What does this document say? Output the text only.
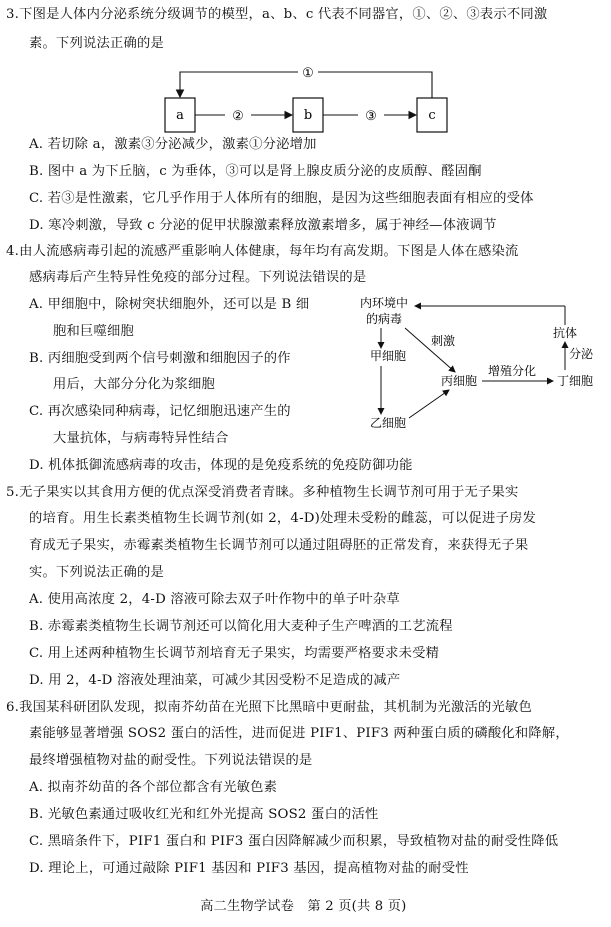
3.下图是人体内分泌系统分级调节的模型，a、b、c 代表不同器官，①、②、③表示不同激
素。下列说法正确的是
a	b	c
②	③
①
A. 若切除 a，激素③分泌减少，激素①分泌增加
B. 图中 a 为下丘脑，c 为垂体，③可以是肾上腺皮质分泌的皮质醇、醛固酮
C. 若③是性激素，它几乎作用于人体所有的细胞，是因为这些细胞表面有相应的受体
D. 寒冷刺激，导致 c 分泌的促甲状腺激素释放激素增多，属于神经—体液调节
4.由人流感病毒引起的流感严重影响人体健康，每年均有高发期。下图是人体在感染流
感病毒后产生特异性免疫的部分过程。下列说法错误的是
A. 甲细胞中，除树突状细胞外，还可以是 B 细
胞和巨噬细胞
B. 丙细胞受到两个信号刺激和细胞因子的作
用后，大部分分化为浆细胞
C. 再次感染同种病毒，记忆细胞迅速产生的
大量抗体，与病毒特异性结合
D. 机体抵御流感病毒的攻击，体现的是免疫系统的免疫防御功能
内环境中
的病毒
甲细胞
乙细胞
丙细胞	丁细胞
抗体
刺激
增殖分化
分泌
5.无子果实以其食用方便的优点深受消费者青睐。多种植物生长调节剂可用于无子果实
的培育。用生长素类植物生长调节剂(如 2，4-D)处理未受粉的雌蕊，可以促进子房发
育成无子果实，赤霉素类植物生长调节剂可以通过阻碍胚的正常发育，来获得无子果
实。下列说法正确的是
A. 使用高浓度 2，4-D 溶液可除去双子叶作物中的单子叶杂草
B. 赤霉素类植物生长调节剂还可以简化用大麦种子生产啤酒的工艺流程
C. 用上述两种植物生长调节剂培育无子果实，均需要严格要求未受精
D. 用 2，4-D 溶液处理油菜，可减少其因受粉不足造成的减产
6.我国某科研团队发现，拟南芥幼苗在光照下比黑暗中更耐盐，其机制为光激活的光敏色
素能够显著增强 SOS2 蛋白的活性，进而促进 PIF1、PIF3 两种蛋白质的磷酸化和降解，
最终增强植物对盐的耐受性。下列说法错误的是
A. 拟南芥幼苗的各个部位都含有光敏色素
B. 光敏色素通过吸收红光和红外光提高 SOS2 蛋白的活性
C. 黑暗条件下，PIF1 蛋白和 PIF3 蛋白因降解减少而积累，导致植物对盐的耐受性降低
D. 理论上，可通过敲除 PIF1 基因和 PIF3 基因，提高植物对盐的耐受性
高二生物学试卷　第 2 页(共 8 页)
